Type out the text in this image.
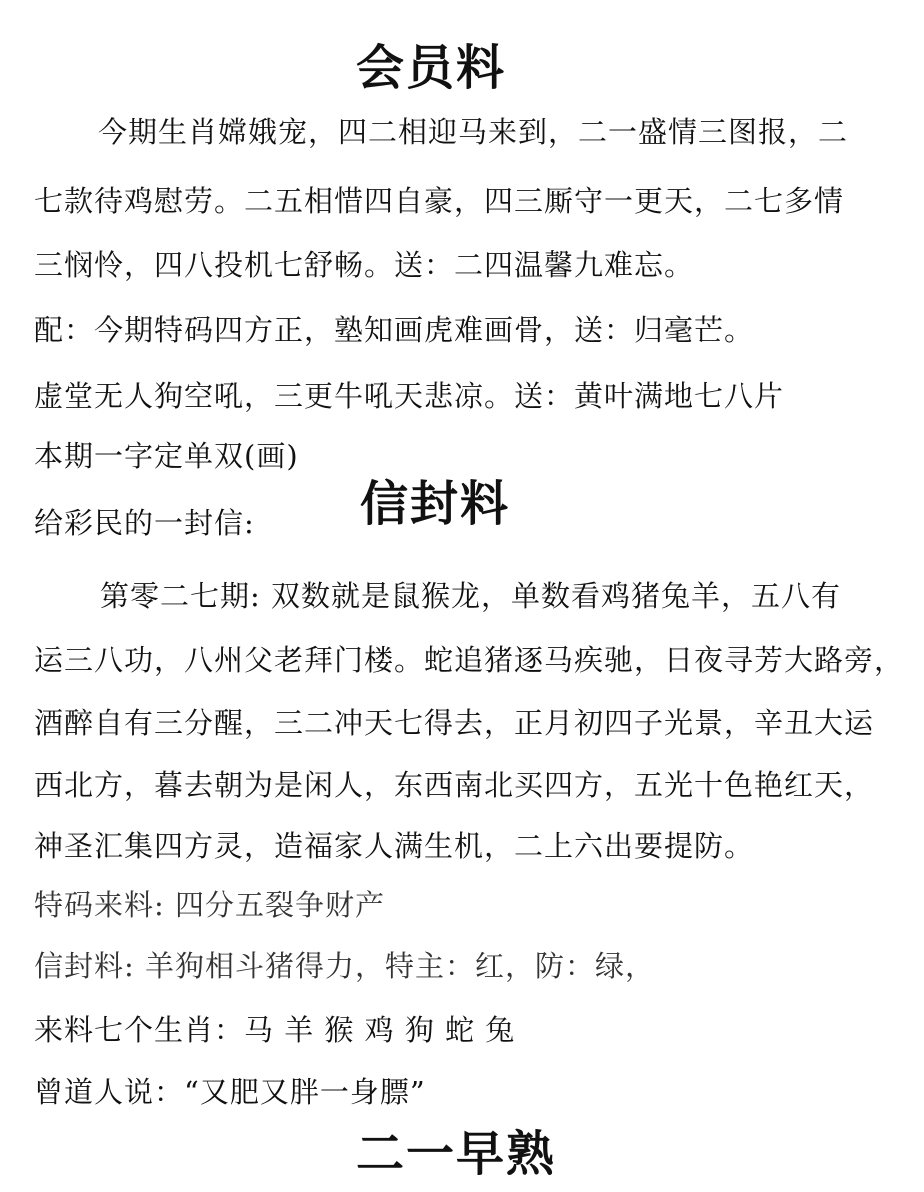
会员料

今期生肖嫦娥宠，四二相迎马来到，二一盛情三图报，二

七款待鸡慰劳。二五相惜四自豪，四三厮守一更天，二七多情

三悯怜，四八投机七舒畅。送：二四温馨九难忘。

配：今期特码四方正，塾知画虎难画骨，送：归毫芒。

虚堂无人狗空吼，三更牛吼天悲凉。送：黄叶满地七八片

本期一字定单双(画)

信封料

给彩民的一封信:

第零二七期: 双数就是鼠猴龙，单数看鸡猪兔羊，五八有

运三八功，八州父老拜门楼。蛇追猪逐马疾驰，日夜寻芳大路旁，

酒醉自有三分醒，三二冲天七得去，正月初四子光景，辛丑大运

西北方，暮去朝为是闲人，东西南北买四方，五光十色艳红天，

神圣汇集四方灵，造福家人满生机，二上六出要提防。

特码来料: 四分五裂争财产

信封料: 羊狗相斗猪得力，特主：红，防：绿，

来料七个生肖：马 羊 猴 鸡 狗 蛇 兔

曾道人说：“又肥又胖一身膘”

二一早熟
